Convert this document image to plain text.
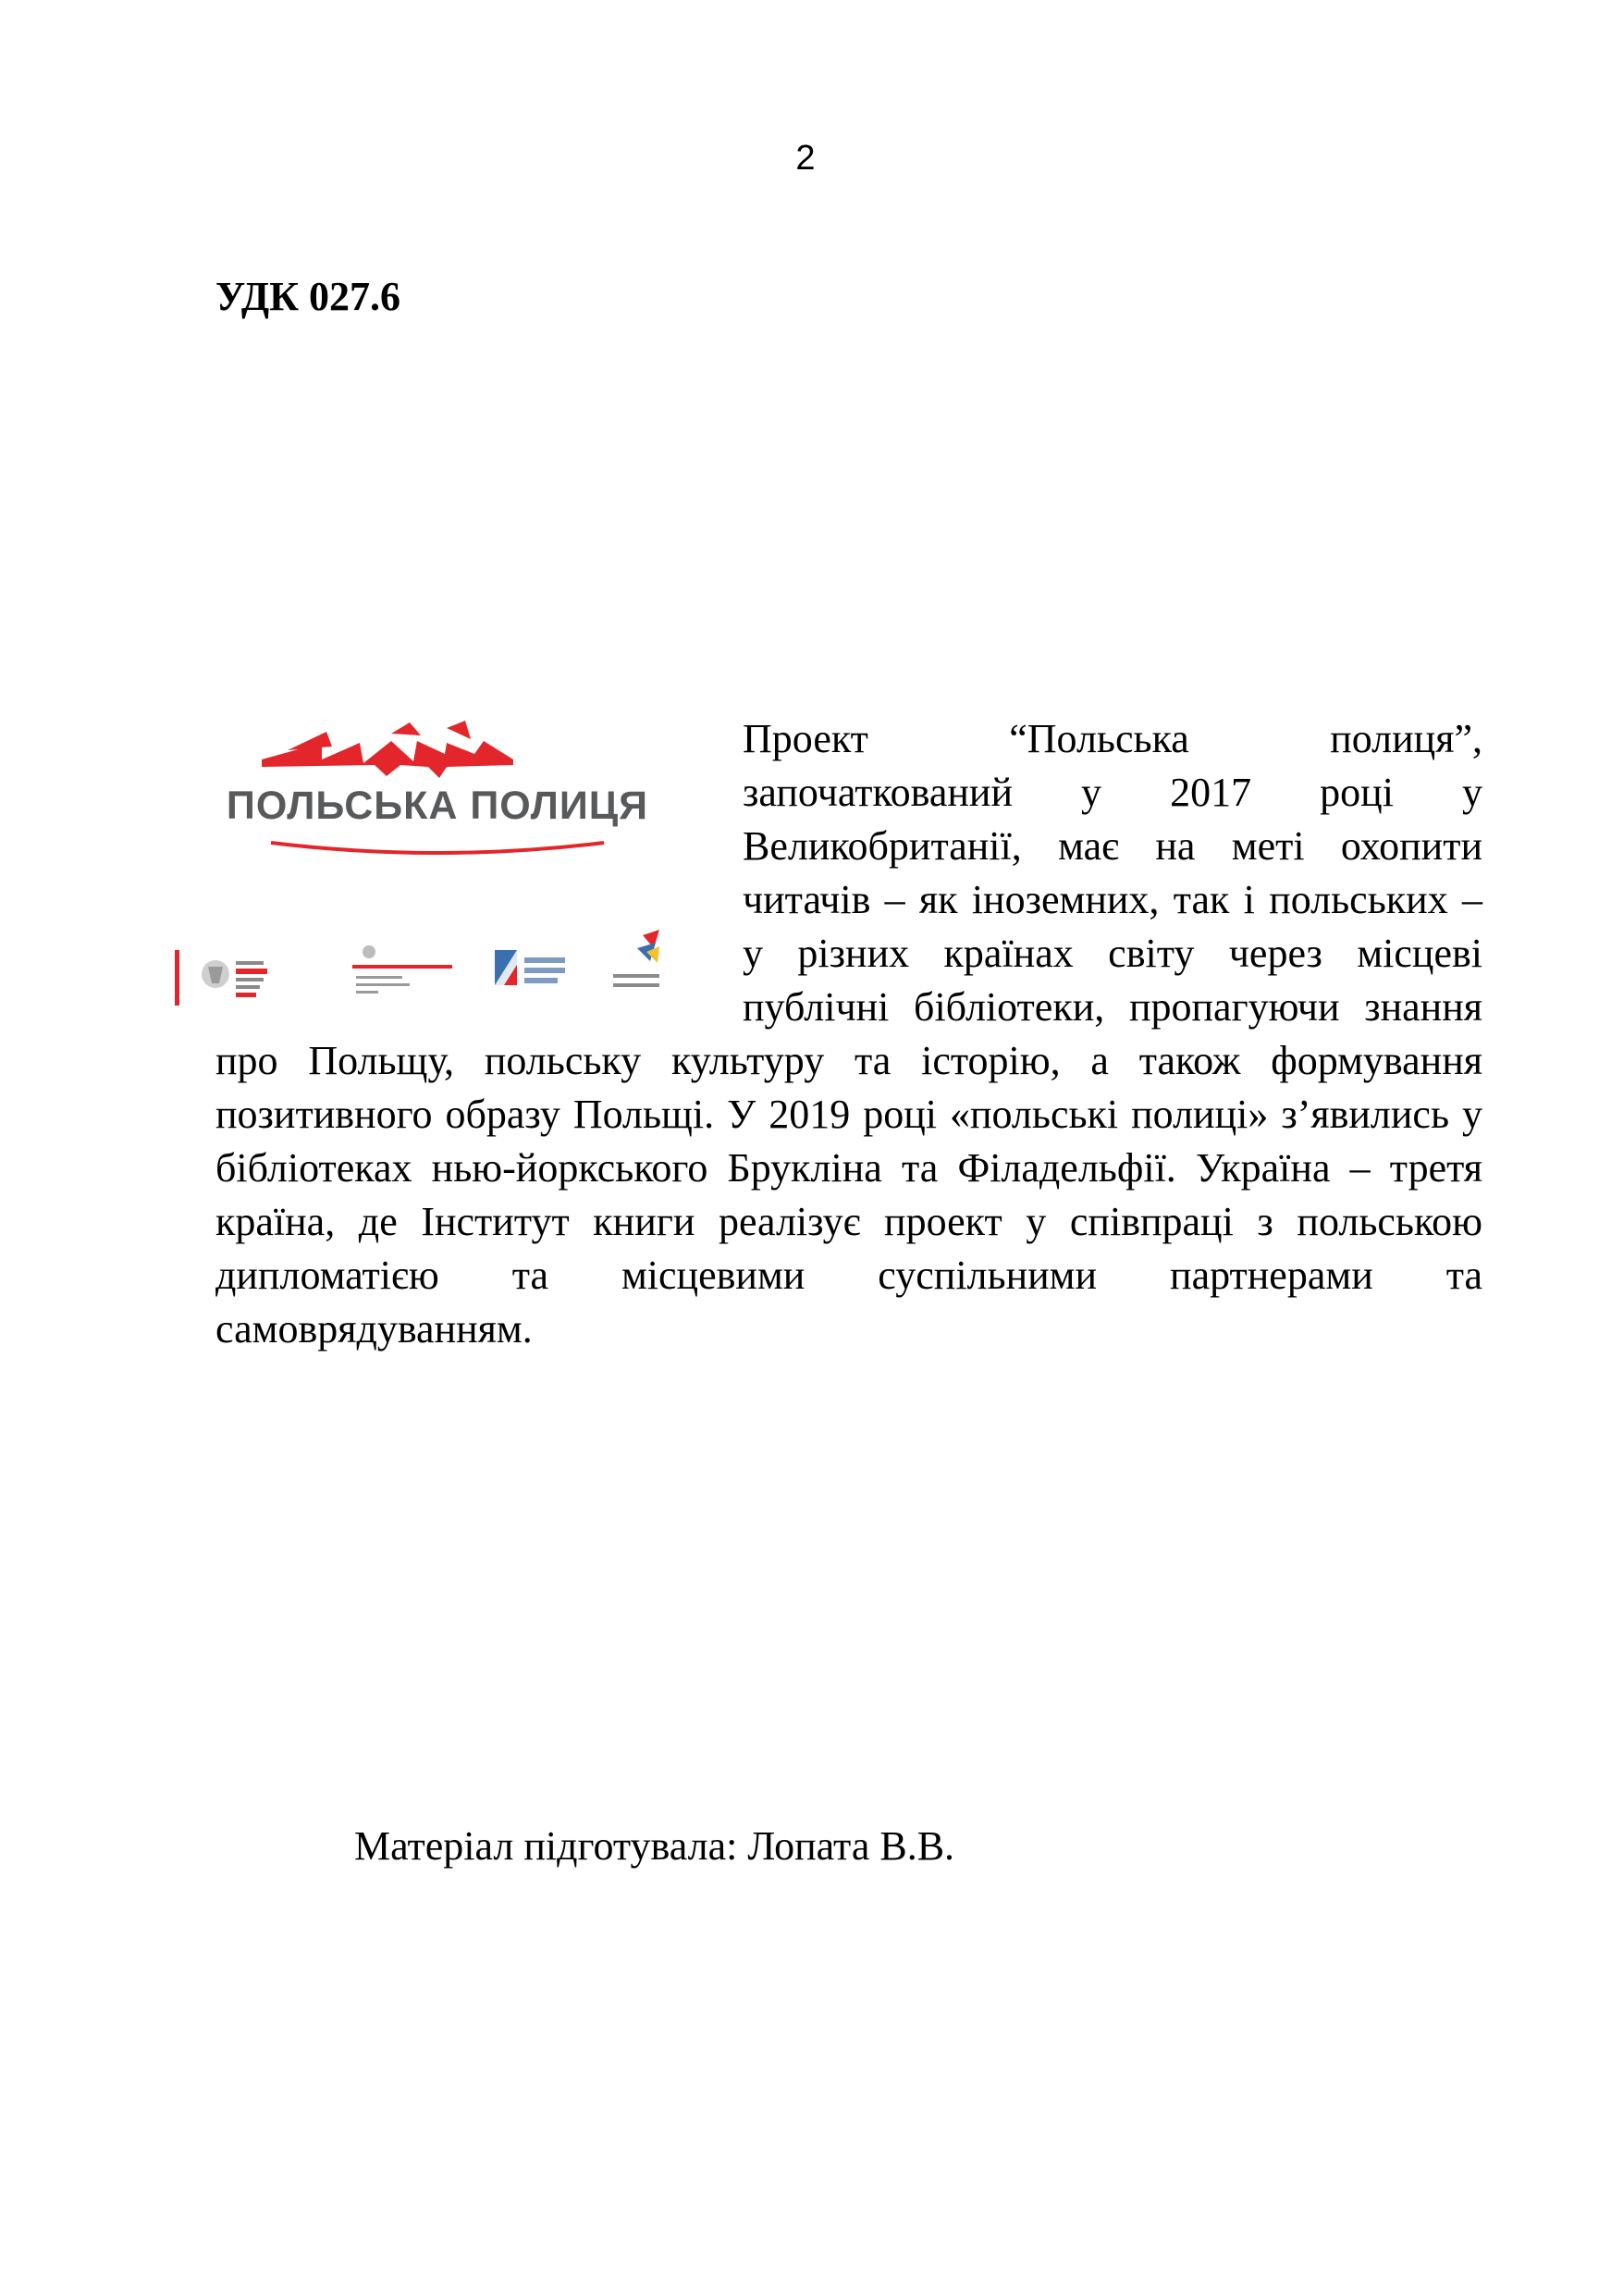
2
УДК 027.6
ПОЛЬСЬКА ПОЛИЦЯ
Проект “Польська полиця”, започаткований у 2017 році у Великобританії, має на меті охопити читачів – як іноземних, так і польських – у різних країнах світу через місцеві публічні бібліотеки, пропагуючи знання про Польщу, польську культуру та історію, а також формування позитивного образу Польщі. У 2019 році «польські полиці» з’явились у бібліотеках нью-йоркського Брукліна та Філадельфії. Україна – третя країна, де Інститут книги реалізує проект у співпраці з польською дипломатією та місцевими суспільними партнерами та самоврядуванням.
Матеріал підготувала: Лопата В.В.
